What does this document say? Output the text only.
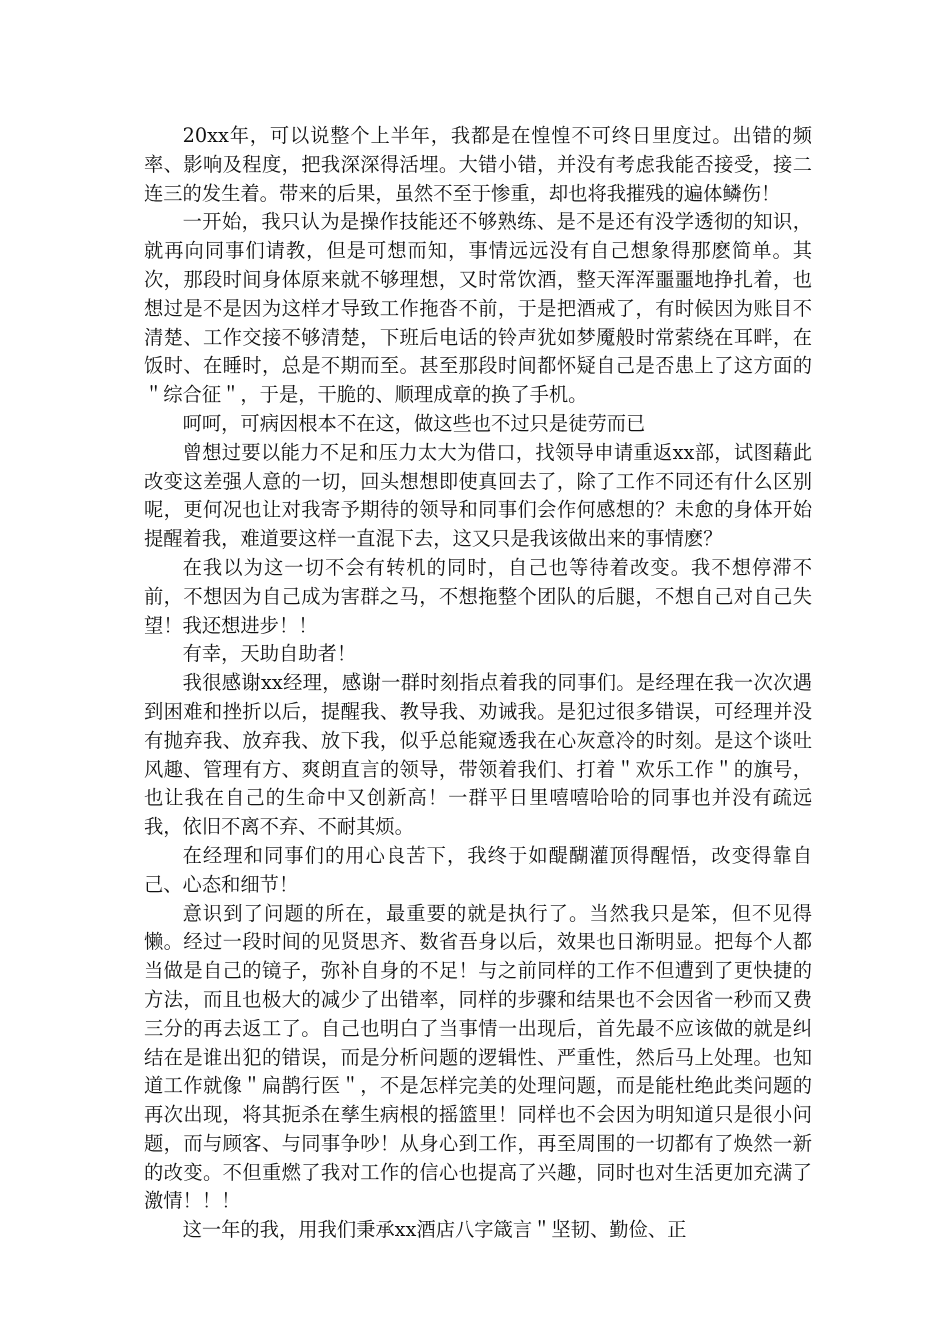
20xx年，可以说整个上半年，我都是在惶惶不可终日里度过。出错的频率、影响及程度，把我深深得活埋。大错小错，并没有考虑我能否接受，接二连三的发生着。带来的后果，虽然不至于惨重，却也将我摧残的遍体鳞伤！

一开始，我只认为是操作技能还不够熟练、是不是还有没学透彻的知识，就再向同事们请教，但是可想而知，事情远远没有自己想象得那麽简单。其次，那段时间身体原来就不够理想，又时常饮酒，整天浑浑噩噩地挣扎着，也想过是不是因为这样才导致工作拖沓不前，于是把酒戒了，有时候因为账目不清楚、工作交接不够清楚，下班后电话的铃声犹如梦魇般时常萦绕在耳畔，在饭时、在睡时，总是不期而至。甚至那段时间都怀疑自己是否患上了这方面的＂综合征＂，于是，干脆的、顺理成章的换了手机。

呵呵，可病因根本不在这，做这些也不过只是徒劳而已

曾想过要以能力不足和压力太大为借口，找领导申请重返xx部，试图藉此改变这差强人意的一切，回头想想即使真回去了，除了工作不同还有什么区别呢，更何况也让对我寄予期待的领导和同事们会作何感想的？未愈的身体开始提醒着我，难道要这样一直混下去，这又只是我该做出来的事情麽？

在我以为这一切不会有转机的同时，自己也等待着改变。我不想停滞不前，不想因为自己成为害群之马，不想拖整个团队的后腿，不想自己对自己失望！我还想进步！！

有幸，天助自助者！

我很感谢xx经理，感谢一群时刻指点着我的同事们。是经理在我一次次遇到困难和挫折以后，提醒我、教导我、劝诫我。是犯过很多错误，可经理并没有抛弃我、放弃我、放下我，似乎总能窥透我在心灰意冷的时刻。是这个谈吐风趣、管理有方、爽朗直言的领导，带领着我们、打着＂欢乐工作＂的旗号，也让我在自己的生命中又创新高！一群平日里嘻嘻哈哈的同事也并没有疏远我，依旧不离不弃、不耐其烦。

在经理和同事们的用心良苦下，我终于如醍醐灌顶得醒悟，改变得靠自己、心态和细节！

意识到了问题的所在，最重要的就是执行了。当然我只是笨，但不见得懒。经过一段时间的见贤思齐、数省吾身以后，效果也日渐明显。把每个人都当做是自己的镜子，弥补自身的不足！与之前同样的工作不但遭到了更快捷的方法，而且也极大的减少了出错率，同样的步骤和结果也不会因省一秒而又费三分的再去返工了。自己也明白了当事情一出现后，首先最不应该做的就是纠结在是谁出犯的错误，而是分析问题的逻辑性、严重性，然后马上处理。也知道工作就像＂扁鹊行医＂，不是怎样完美的处理问题，而是能杜绝此类问题的再次出现，将其扼杀在孳生病根的摇篮里！同样也不会因为明知道只是很小问题，而与顾客、与同事争吵！从身心到工作，再至周围的一切都有了焕然一新的改变。不但重燃了我对工作的信心也提高了兴趣，同时也对生活更加充满了激情！！！

这一年的我，用我们秉承xx酒店八字箴言＂坚韧、勤俭、正
